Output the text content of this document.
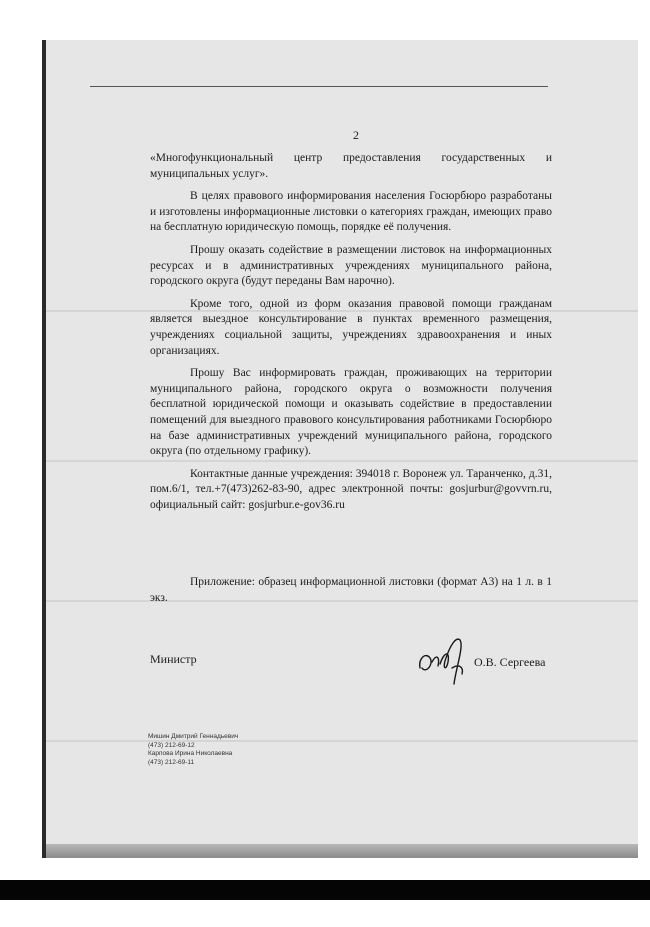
2

«Многофункциональный центр предоставления государственных и муниципальных услуг».

В целях правового информирования населения Госюрбюро разработаны и изготовлены информационные листовки о категориях граждан, имеющих право на бесплатную юридическую помощь, порядке её получения.

Прошу оказать содействие в размещении листовок на информационных ресурсах и в административных учреждениях муниципального района, городского округа (будут переданы Вам нарочно).

Кроме того, одной из форм оказания правовой помощи гражданам является выездное консультирование в пунктах временного размещения, учреждениях социальной защиты, учреждениях здравоохранения и иных организациях.

Прошу Вас информировать граждан, проживающих на территории муниципального района, городского округа о возможности получения бесплатной юридической помощи и оказывать содействие в предоставлении помещений для выездного правового консультирования работниками Госюрбюро на базе административных учреждений муниципального района, городского округа (по отдельному графику).

Контактные данные учреждения: 394018 г. Воронеж ул. Таранченко, д.31, пом.6/1, тел.+7(473)262-83-90, адрес электронной почты: gosjurbur@govvrn.ru, официальный сайт: gosjurbur.e-gov36.ru

Приложение: образец информационной листовки (формат А3) на 1 л. в 1 экз.
Министр	О.В. Сергеева
Мишин Дмитрий Геннадьевич
(473) 212-69-12
Карпова Ирина Николаевна
(473) 212-69-11
